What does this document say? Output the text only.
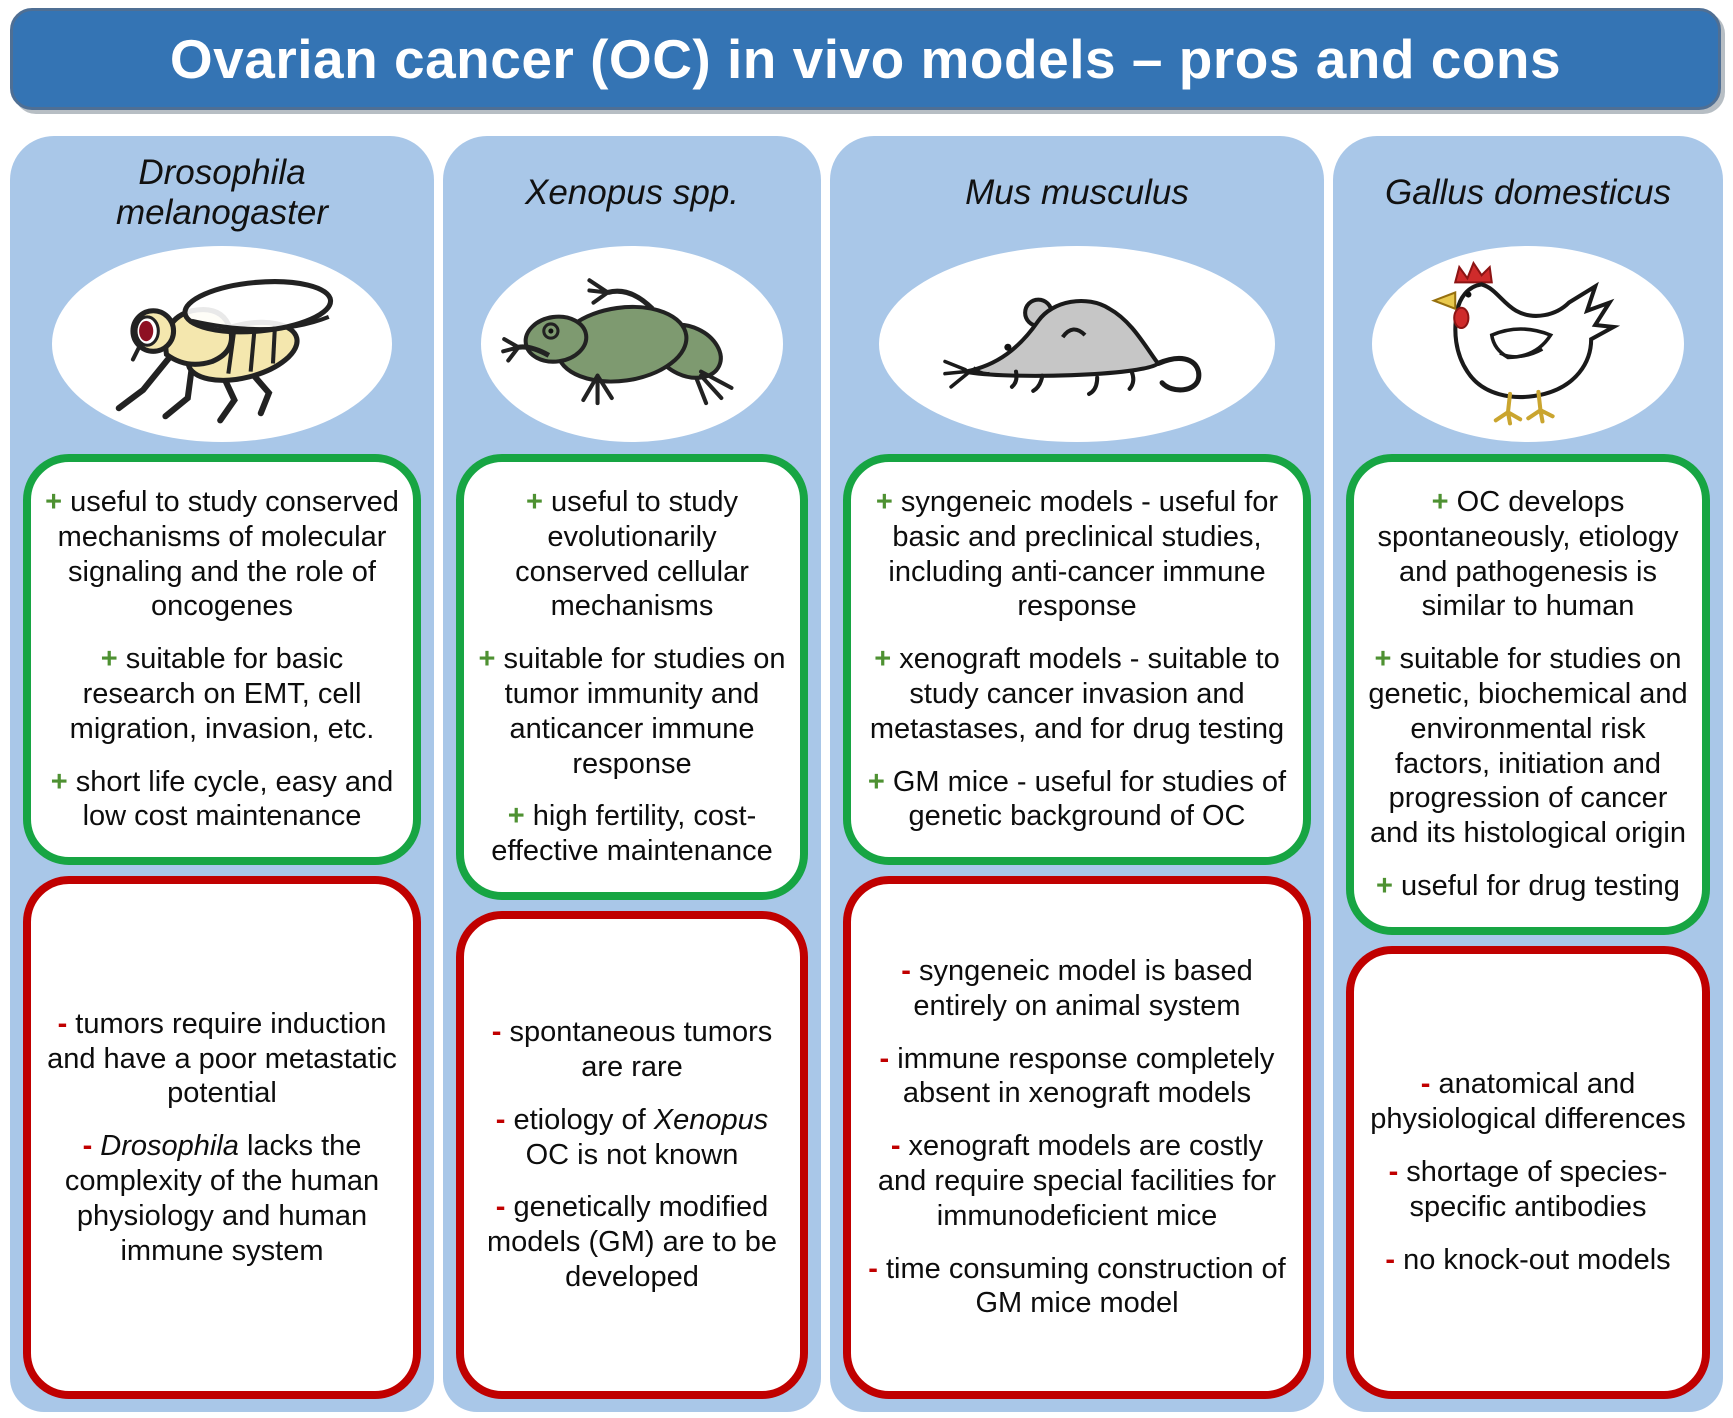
Ovarian cancer (OC) in vivo models – pros and cons
Drosophila melanogaster

+ useful to study conserved mechanisms of molecular signaling and the role of oncogenes

+ suitable for basic research on EMT, cell migration, invasion, etc.

+ short life cycle, easy and low cost maintenance

- tumors require induction and have a poor metastatic potential

- Drosophila lacks the complexity of the human physiology and human immune system

Xenopus spp.

+ useful to study evolutionarily conserved cellular mechanisms

+ suitable for studies on tumor immunity and anticancer immune response

+ high fertility, cost-effective maintenance

- spontaneous tumors are rare

- etiology of Xenopus OC is not known

- genetically modified models (GM) are to be developed

Mus musculus

+ syngeneic models - useful for basic and preclinical studies, including anti-cancer immune response

+ xenograft models - suitable to study cancer invasion and metastases, and for drug testing

+ GM mice - useful for studies of genetic background of OC

- syngeneic model is based entirely on animal system

- immune response completely absent in xenograft models

- xenograft models are costly and require special facilities for immunodeficient mice

- time consuming construction of GM mice model

Gallus domesticus

+ OC develops spontaneously, etiology and pathogenesis is similar to human

+ suitable for studies on genetic, biochemical and environmental risk factors, initiation and progression of cancer and its histological origin

+ useful for drug testing

- anatomical and physiological differences

- shortage of species-specific antibodies

- no knock-out models
